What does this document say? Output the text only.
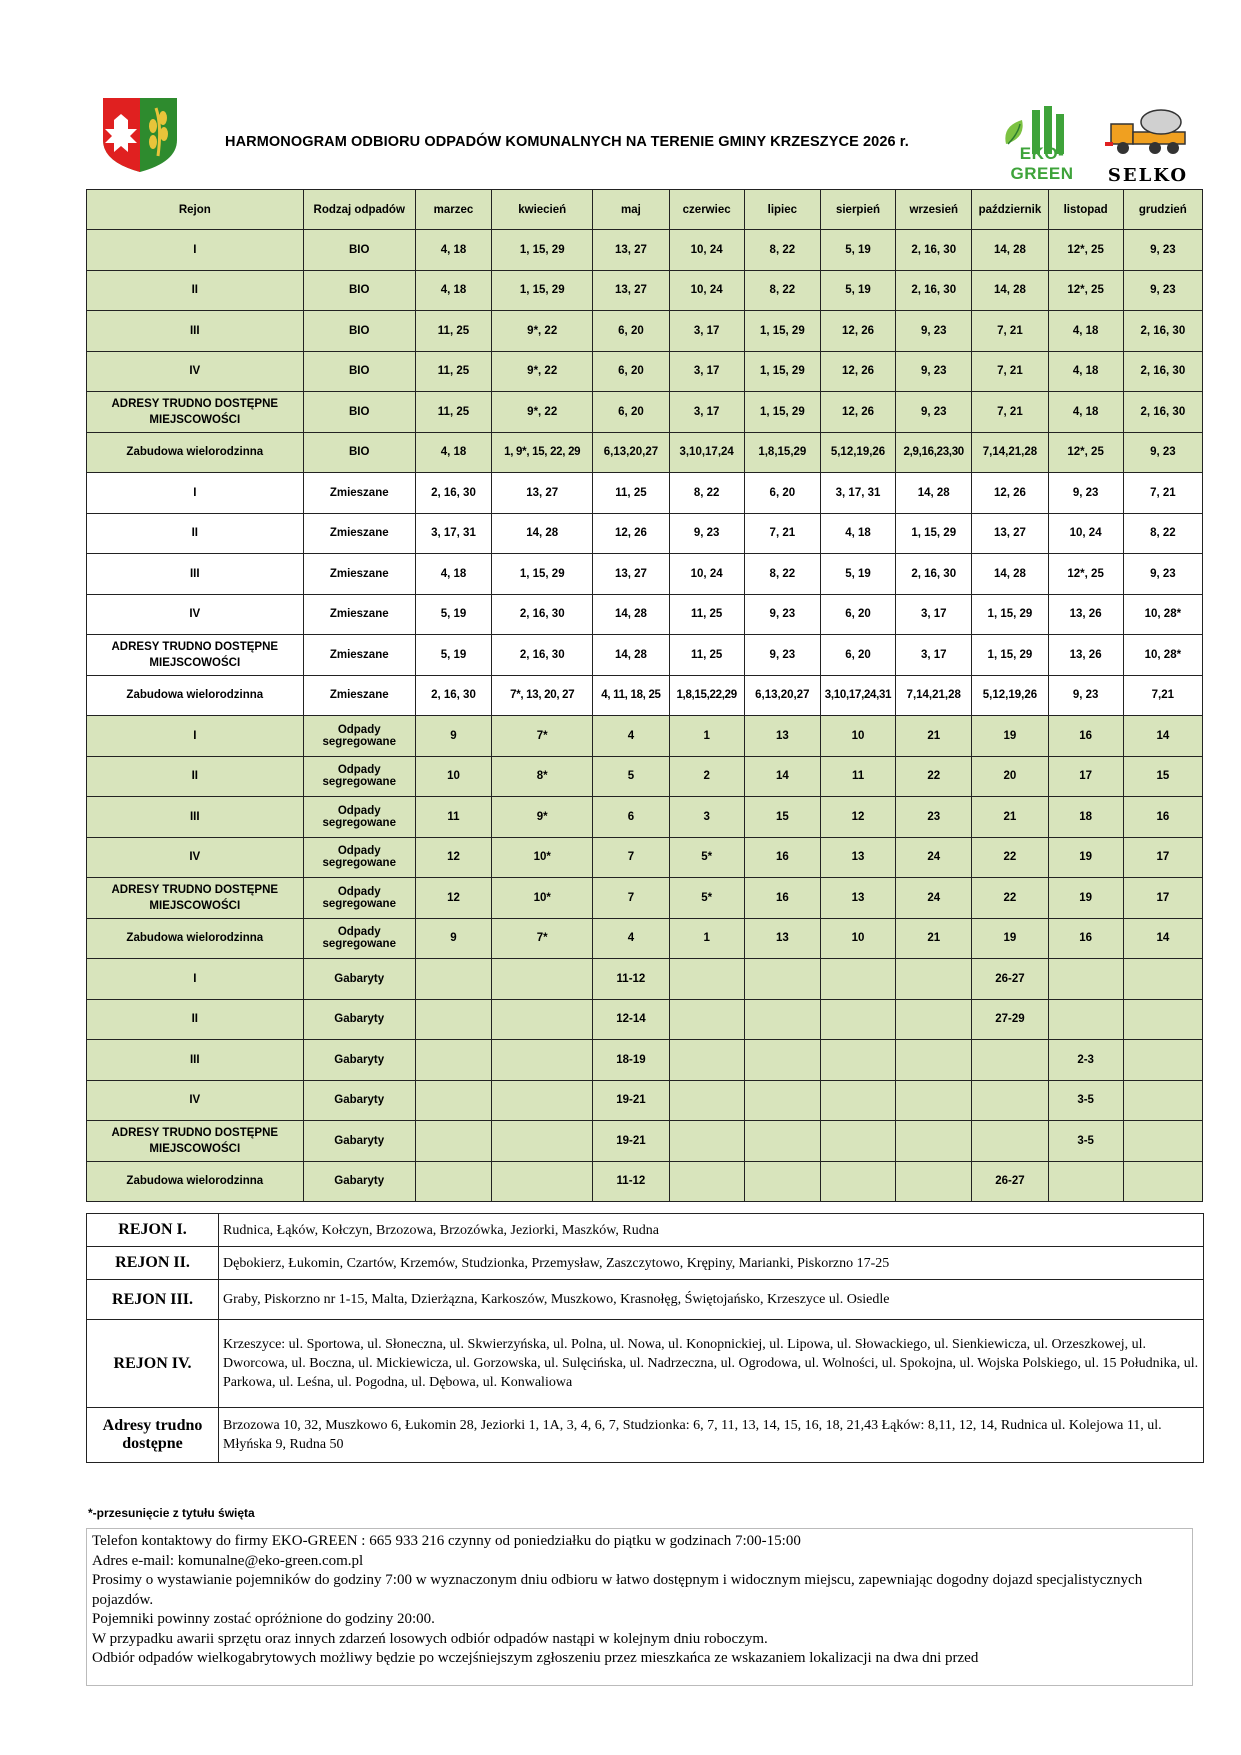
HARMONOGRAM ODBIORU ODPADÓW KOMUNALNYCH NA TERENIE GMINY KRZESZYCE 2026 r.
EKO-GREEN	SELKO
Rejon	Rodzaj odpadów	marzec	kwiecień	maj	czerwiec	lipiec	sierpień	wrzesień	październik	listopad	grudzień
I	BIO	4, 18	1, 15, 29	13, 27	10, 24	8, 22	5, 19	2, 16, 30	14, 28	12*, 25	9, 23
II	BIO	4, 18	1, 15, 29	13, 27	10, 24	8, 22	5, 19	2, 16, 30	14, 28	12*, 25	9, 23
III	BIO	11, 25	9*, 22	6, 20	3, 17	1, 15, 29	12, 26	9, 23	7, 21	4, 18	2, 16, 30
IV	BIO	11, 25	9*, 22	6, 20	3, 17	1, 15, 29	12, 26	9, 23	7, 21	4, 18	2, 16, 30
ADRESY TRUDNO DOSTĘPNE MIEJSCOWOŚCI	BIO	11, 25	9*, 22	6, 20	3, 17	1, 15, 29	12, 26	9, 23	7, 21	4, 18	2, 16, 30
Zabudowa wielorodzinna	BIO	4, 18	1, 9*, 15, 22, 29	6,13,20,27	3,10,17,24	1,8,15,29	5,12,19,26	2,9,16,23,30	7,14,21,28	12*, 25	9, 23
I	Zmieszane	2, 16, 30	13, 27	11, 25	8, 22	6, 20	3, 17, 31	14, 28	12, 26	9, 23	7, 21
II	Zmieszane	3, 17, 31	14, 28	12, 26	9, 23	7, 21	4, 18	1, 15, 29	13, 27	10, 24	8, 22
III	Zmieszane	4, 18	1, 15, 29	13, 27	10, 24	8, 22	5, 19	2, 16, 30	14, 28	12*, 25	9, 23
IV	Zmieszane	5, 19	2, 16, 30	14, 28	11, 25	9, 23	6, 20	3, 17	1, 15, 29	13, 26	10, 28*
ADRESY TRUDNO DOSTĘPNE MIEJSCOWOŚCI	Zmieszane	5, 19	2, 16, 30	14, 28	11, 25	9, 23	6, 20	3, 17	1, 15, 29	13, 26	10, 28*
Zabudowa wielorodzinna	Zmieszane	2, 16, 30	7*, 13, 20, 27	4, 11, 18, 25	1,8,15,22,29	6,13,20,27	3,10,17,24,31	7,14,21,28	5,12,19,26	9, 23	7,21
I	Odpady segregowane	9	7*	4	1	13	10	21	19	16	14
II	Odpady segregowane	10	8*	5	2	14	11	22	20	17	15
III	Odpady segregowane	11	9*	6	3	15	12	23	21	18	16
IV	Odpady segregowane	12	10*	7	5*	16	13	24	22	19	17
ADRESY TRUDNO DOSTĘPNE MIEJSCOWOŚCI	Odpady segregowane	12	10*	7	5*	16	13	24	22	19	17
Zabudowa wielorodzinna	Odpady segregowane	9	7*	4	1	13	10	21	19	16	14
I	Gabaryty			11-12					26-27		
II	Gabaryty			12-14					27-29		
III	Gabaryty			18-19						2-3	
IV	Gabaryty			19-21						3-5	
ADRESY TRUDNO DOSTĘPNE MIEJSCOWOŚCI	Gabaryty			19-21						3-5	
Zabudowa wielorodzinna	Gabaryty			11-12					26-27		
REJON I.	Rudnica, Łąków, Kołczyn, Brzozowa, Brzozówka, Jeziorki, Maszków, Rudna
REJON II.	Dębokierz, Łukomin, Czartów, Krzemów, Studzionka, Przemysław, Zaszczytowo, Krępiny, Marianki, Piskorzno 17-25
REJON III.	Graby, Piskorzno nr 1-15, Malta, Dzierżązna, Karkoszów, Muszkowo, Krasnołęg, Świętojańsko, Krzeszyce ul. Osiedle
REJON IV.	Krzeszyce: ul. Sportowa, ul. Słoneczna, ul. Skwierzyńska, ul. Polna, ul. Nowa, ul. Konopnickiej, ul. Lipowa, ul. Słowackiego, ul. Sienkiewicza, ul. Orzeszkowej, ul. Dworcowa, ul. Boczna, ul. Mickiewicza, ul. Gorzowska, ul. Sulęcińska, ul. Nadrzeczna, ul. Ogrodowa, ul. Wolności, ul. Spokojna, ul. Wojska Polskiego, ul. 15 Południka, ul. Parkowa, ul. Leśna, ul. Pogodna, ul. Dębowa, ul. Konwaliowa
Adresy trudno dostępne	Brzozowa 10, 32, Muszkowo 6, Łukomin 28, Jeziorki 1, 1A, 3, 4, 6, 7, Studzionka: 6, 7, 11, 13, 14, 15, 16, 18, 21,43 Łąków: 8,11, 12, 14, Rudnica ul. Kolejowa 11, ul. Młyńska 9, Rudna 50
*-przesunięcie z tytułu święta
Telefon kontaktowy do firmy EKO-GREEN : 665 933 216 czynny od poniedziałku do piątku w godzinach 7:00-15:00
Adres e-mail: komunalne@eko-green.com.pl
Prosimy o wystawianie pojemników do godziny 7:00 w wyznaczonym dniu odbioru w łatwo dostępnym i widocznym miejscu, zapewniając dogodny dojazd specjalistycznych pojazdów.
Pojemniki powinny zostać opróżnione do godziny 20:00.
W przypadku awarii sprzętu oraz innych zdarzeń losowych odbiór odpadów nastąpi w kolejnym dniu roboczym.
Odbiór odpadów wielkogabrytowych możliwy będzie po wczejśniejszym zgłoszeniu przez mieszkańca ze wskazaniem lokalizacji na dwa dni przed
